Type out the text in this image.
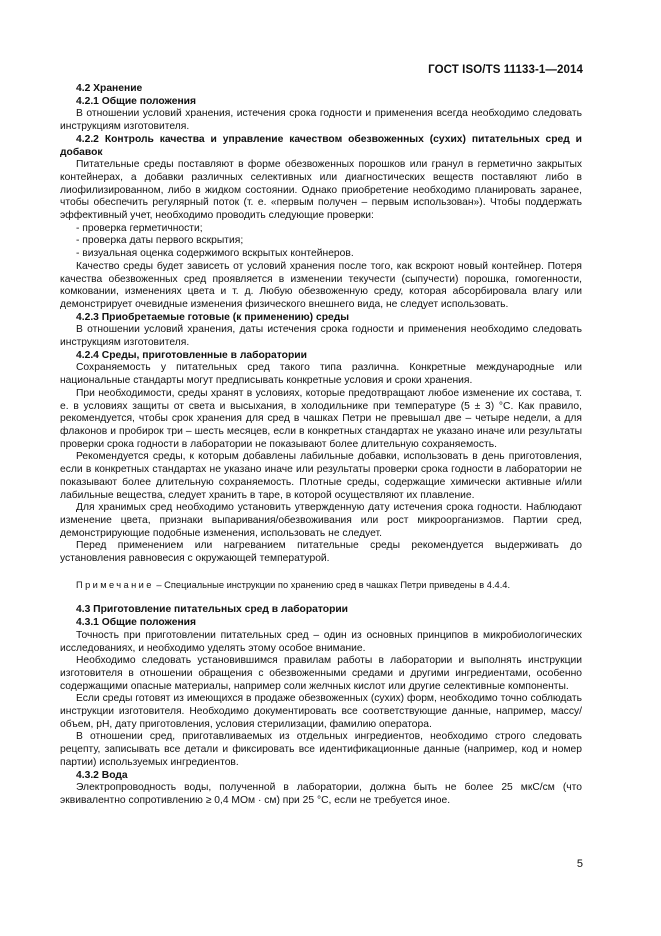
ГОСТ ISO/TS 11133-1—2014

4.2 Хранение

4.2.1 Общие положения

В отношении условий хранения, истечения срока годности и применения всегда необходимо следовать инструкциям изготовителя.

4.2.2 Контроль качества и управление качеством обезвоженных (сухих) питательных сред и добавок

Питательные среды поставляют в форме обезвоженных порошков или гранул в герметично закрытых контейнерах, а добавки различных селективных или диагностических веществ поставляют либо в лиофилизированном, либо в жидком состоянии. Однако приобретение необходимо планировать заранее, чтобы обеспечить регулярный поток (т. е. «первым получен – первым использован»). Чтобы поддержать эффективный учет, необходимо проводить следующие проверки:

- проверка герметичности;

- проверка даты первого вскрытия;

- визуальная оценка содержимого вскрытых контейнеров.

Качество среды будет зависеть от условий хранения после того, как вскроют новый контейнер. Потеря качества обезвоженных сред проявляется в изменении текучести (сыпучести) порошка, гомогенности, комковании, изменениях цвета и т. д. Любую обезвоженную среду, которая абсорбировала влагу или демонстрирует очевидные изменения физического внешнего вида, не следует использовать.

4.2.3 Приобретаемые готовые (к применению) среды

В отношении условий хранения, даты истечения срока годности и применения необходимо следовать инструкциям изготовителя.

4.2.4 Среды, приготовленные в лаборатории

Сохраняемость у питательных сред такого типа различна. Конкретные международные или национальные стандарты могут предписывать конкретные условия и сроки хранения.

При необходимости, среды хранят в условиях, которые предотвращают любое изменение их состава, т. е. в условиях защиты от света и высыхания, в холодильнике при температуре (5 ± 3) °С. Как правило, рекомендуется, чтобы срок хранения для сред в чашках Петри не превышал две – четыре недели, а для флаконов и пробирок три – шесть месяцев, если в конкретных стандартах не указано иначе или результаты проверки срока годности в лаборатории не показывают более длительную сохраняемость.

Рекомендуется среды, к которым добавлены лабильные добавки, использовать в день приготовления, если в конкретных стандартах не указано иначе или результаты проверки срока годности в лаборатории не показывают более длительную сохраняемость. Плотные среды, содержащие химически активные и/или лабильные вещества, следует хранить в таре, в которой осуществляют их плавление.

Для хранимых сред необходимо установить утвержденную дату истечения срока годности. Наблюдают изменение цвета, признаки выпаривания/обезвоживания или рост микроорганизмов. Партии сред, демонстрирующие подобные изменения, использовать не следует.

Перед применением или нагреванием питательные среды рекомендуется выдерживать до установления равновесия с окружающей температурой.

Примечание – Специальные инструкции по хранению сред в чашках Петри приведены в 4.4.4.

4.3 Приготовление питательных сред в лаборатории

4.3.1 Общие положения

Точность при приготовлении питательных сред – один из основных принципов в микробиологических исследованиях, и необходимо уделять этому особое внимание.

Необходимо следовать установившимся правилам работы в лаборатории и выполнять инструкции изготовителя в отношении обращения с обезвоженными средами и другими ингредиентами, особенно содержащими опасные материалы, например соли желчных кислот или другие селективные компоненты.

Если среды готовят из имеющихся в продаже обезвоженных (сухих) форм, необходимо точно соблюдать инструкции изготовителя. Необходимо документировать все соответствующие данные, например, массу/объем, pH, дату приготовления, условия стерилизации, фамилию оператора.

В отношении сред, приготавливаемых из отдельных ингредиентов, необходимо строго следовать рецепту, записывать все детали и фиксировать все идентификационные данные (например, код и номер партии) используемых ингредиентов.

4.3.2 Вода

Электропроводность воды, полученной в лаборатории, должна быть не более 25 мкС/см (что эквивалентно сопротивлению ≥ 0,4 МОм · см) при 25 °С, если не требуется иное.

5
